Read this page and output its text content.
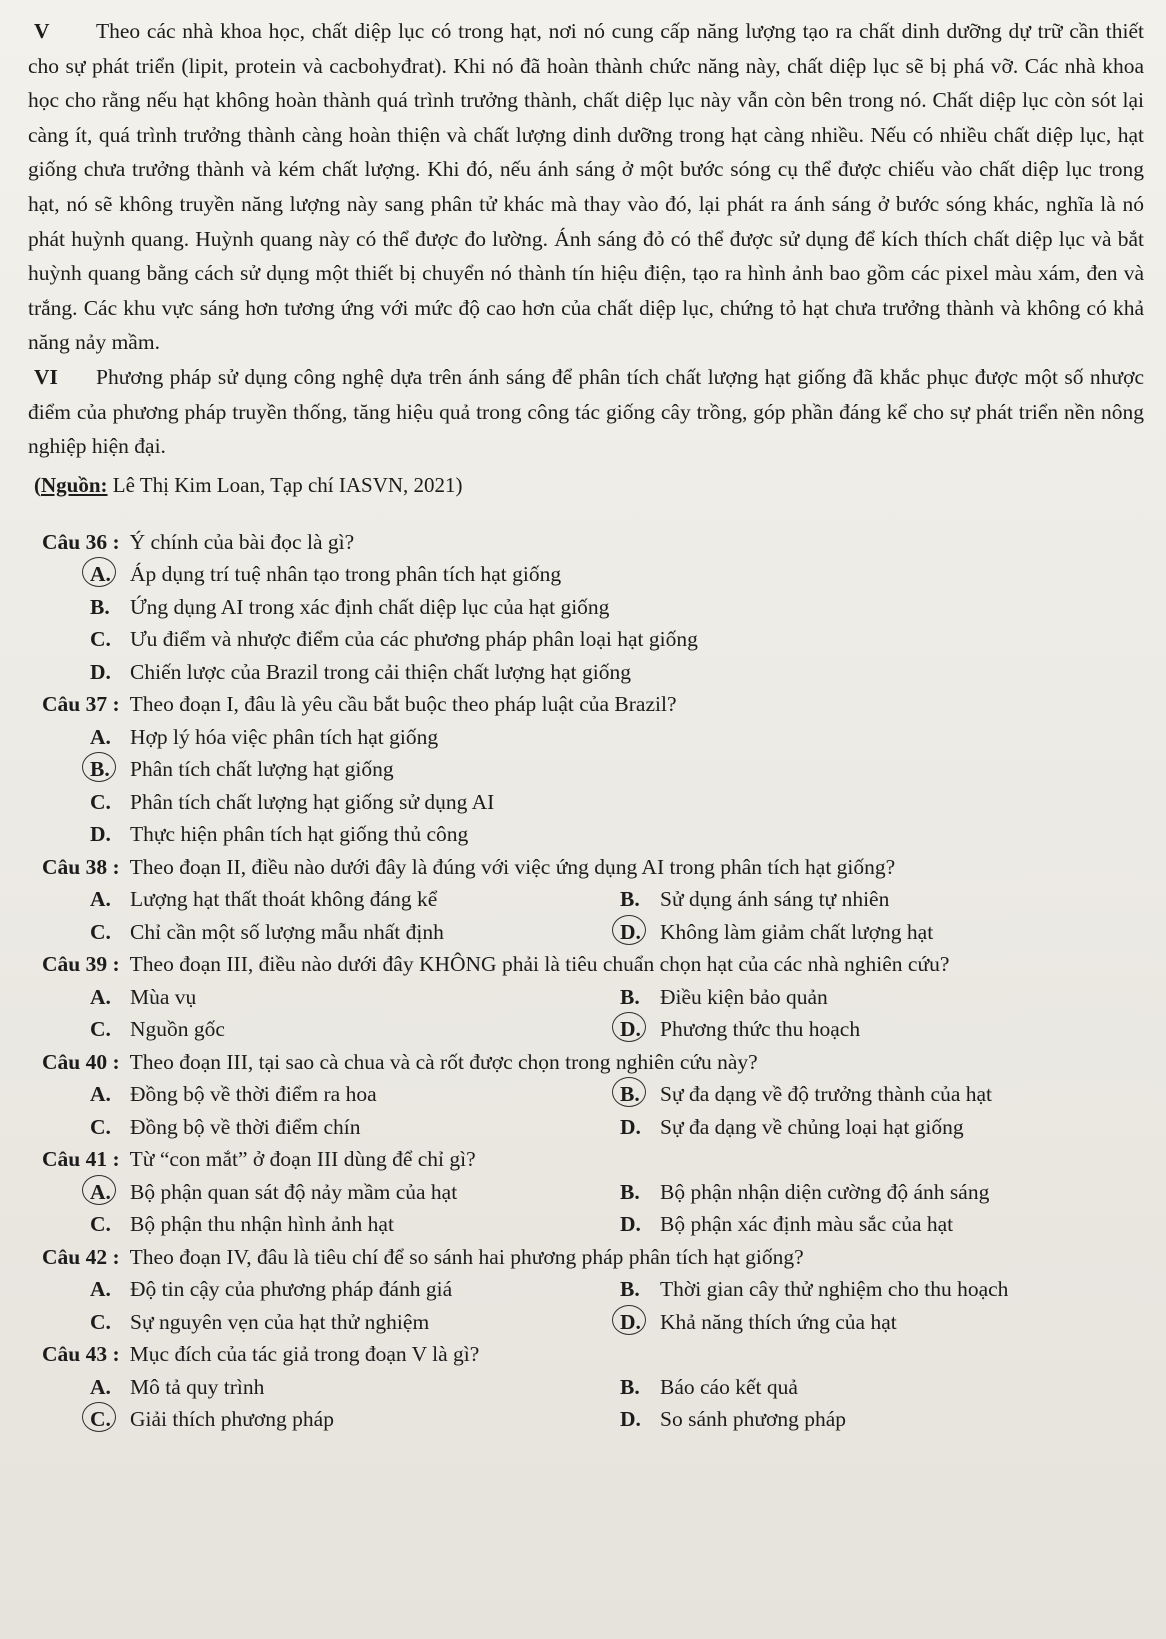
V Theo các nhà khoa học, chất diệp lục có trong hạt, nơi nó cung cấp năng lượng tạo ra chất dinh dưỡng dự trữ cần thiết cho sự phát triển (lipit, protein và cacbohyđrat). Khi nó đã hoàn thành chức năng này, chất diệp lục sẽ bị phá vỡ. Các nhà khoa học cho rằng nếu hạt không hoàn thành quá trình trưởng thành, chất diệp lục này vẫn còn bên trong nó. Chất diệp lục còn sót lại càng ít, quá trình trưởng thành càng hoàn thiện và chất lượng dinh dưỡng trong hạt càng nhiều. Nếu có nhiều chất diệp lục, hạt giống chưa trưởng thành và kém chất lượng. Khi đó, nếu ánh sáng ở một bước sóng cụ thể được chiếu vào chất diệp lục trong hạt, nó sẽ không truyền năng lượng này sang phân tử khác mà thay vào đó, lại phát ra ánh sáng ở bước sóng khác, nghĩa là nó phát huỳnh quang. Huỳnh quang này có thể được đo lường. Ánh sáng đỏ có thể được sử dụng để kích thích chất diệp lục và bắt huỳnh quang bằng cách sử dụng một thiết bị chuyển nó thành tín hiệu điện, tạo ra hình ảnh bao gồm các pixel màu xám, đen và trắng. Các khu vực sáng hơn tương ứng với mức độ cao hơn của chất diệp lục, chứng tỏ hạt chưa trưởng thành và không có khả năng nảy mầm.

VI Phương pháp sử dụng công nghệ dựa trên ánh sáng để phân tích chất lượng hạt giống đã khắc phục được một số nhược điểm của phương pháp truyền thống, tăng hiệu quả trong công tác giống cây trồng, góp phần đáng kể cho sự phát triển nền nông nghiệp hiện đại.

(Nguồn: Lê Thị Kim Loan, Tạp chí IASVN, 2021)
Câu 36 : Ý chính của bài đọc là gì?
A. Áp dụng trí tuệ nhân tạo trong phân tích hạt giống
B. Ứng dụng AI trong xác định chất diệp lục của hạt giống
C. Ưu điểm và nhược điểm của các phương pháp phân loại hạt giống
D. Chiến lược của Brazil trong cải thiện chất lượng hạt giống
Câu 37 : Theo đoạn I, đâu là yêu cầu bắt buộc theo pháp luật của Brazil?
A. Hợp lý hóa việc phân tích hạt giống
B. Phân tích chất lượng hạt giống
C. Phân tích chất lượng hạt giống sử dụng AI
D. Thực hiện phân tích hạt giống thủ công
Câu 38 : Theo đoạn II, điều nào dưới đây là đúng với việc ứng dụng AI trong phân tích hạt giống?
A. Lượng hạt thất thoát không đáng kể	B. Sử dụng ánh sáng tự nhiên
C. Chỉ cần một số lượng mẫu nhất định	D. Không làm giảm chất lượng hạt
Câu 39 : Theo đoạn III, điều nào dưới đây KHÔNG phải là tiêu chuẩn chọn hạt của các nhà nghiên cứu?
A. Mùa vụ	B. Điều kiện bảo quản
C. Nguồn gốc	D. Phương thức thu hoạch
Câu 40 : Theo đoạn III, tại sao cà chua và cà rốt được chọn trong nghiên cứu này?
A. Đồng bộ về thời điểm ra hoa	B. Sự đa dạng về độ trưởng thành của hạt
C. Đồng bộ về thời điểm chín	D. Sự đa dạng về chủng loại hạt giống
Câu 41 : Từ “con mắt” ở đoạn III dùng để chỉ gì?
A. Bộ phận quan sát độ nảy mầm của hạt	B. Bộ phận nhận diện cường độ ánh sáng
C. Bộ phận thu nhận hình ảnh hạt	D. Bộ phận xác định màu sắc của hạt
Câu 42 : Theo đoạn IV, đâu là tiêu chí để so sánh hai phương pháp phân tích hạt giống?
A. Độ tin cậy của phương pháp đánh giá	B. Thời gian cây thử nghiệm cho thu hoạch
C. Sự nguyên vẹn của hạt thử nghiệm	D. Khả năng thích ứng của hạt
Câu 43 : Mục đích của tác giả trong đoạn V là gì?
A. Mô tả quy trình	B. Báo cáo kết quả
C. Giải thích phương pháp	D. So sánh phương pháp
